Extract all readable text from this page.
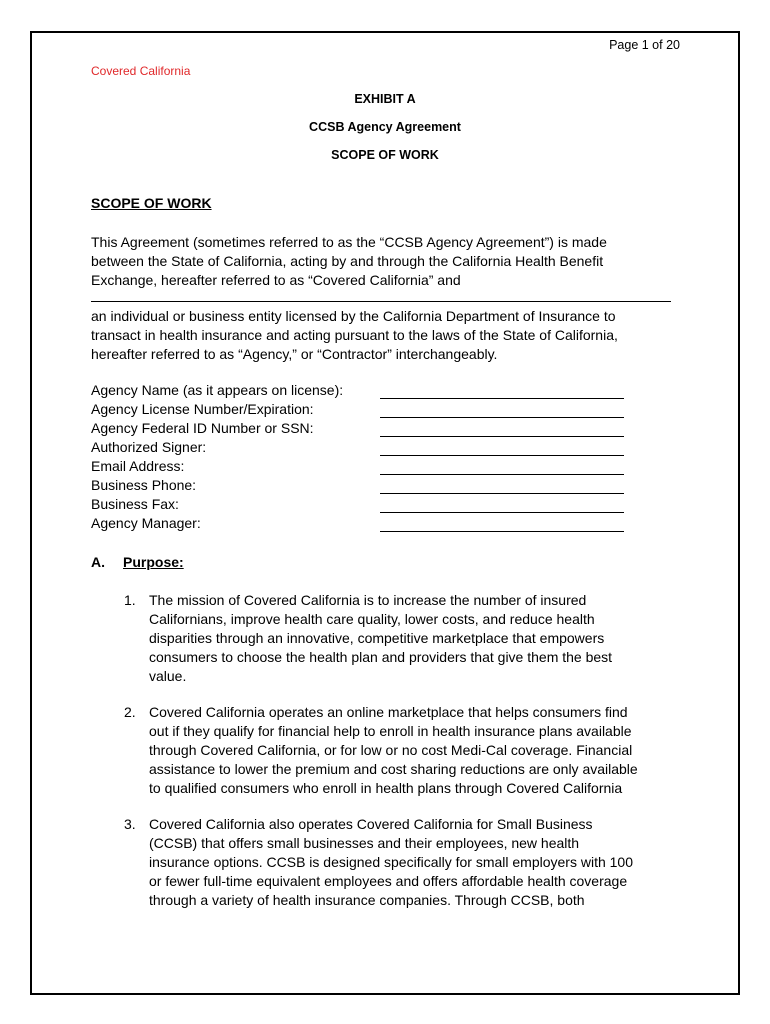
Page 1 of 20
Covered California
EXHIBIT A
CCSB Agency Agreement
SCOPE OF WORK
SCOPE OF WORK
This Agreement (sometimes referred to as the “CCSB Agency Agreement”) is made
between the State of California, acting by and through the California Health Benefit
Exchange, hereafter referred to as “Covered California” and
an individual or business entity licensed by the California Department of Insurance to
transact in health insurance and acting pursuant to the laws of the State of California,
hereafter referred to as “Agency,” or “Contractor” interchangeably.
Agency Name (as it appears on license):
Agency License Number/Expiration:
Agency Federal ID Number or SSN:
Authorized Signer:
Email Address:
Business Phone:
Business Fax:
Agency Manager:
A. Purpose:
1. The mission of Covered California is to increase the number of insured
Californians, improve health care quality, lower costs, and reduce health
disparities through an innovative, competitive marketplace that empowers
consumers to choose the health plan and providers that give them the best
value.
2. Covered California operates an online marketplace that helps consumers find
out if they qualify for financial help to enroll in health insurance plans available
through Covered California, or for low or no cost Medi-Cal coverage. Financial
assistance to lower the premium and cost sharing reductions are only available
to qualified consumers who enroll in health plans through Covered California
3. Covered California also operates Covered California for Small Business
(CCSB) that offers small businesses and their employees, new health
insurance options. CCSB is designed specifically for small employers with 100
or fewer full-time equivalent employees and offers affordable health coverage
through a variety of health insurance companies. Through CCSB, both
